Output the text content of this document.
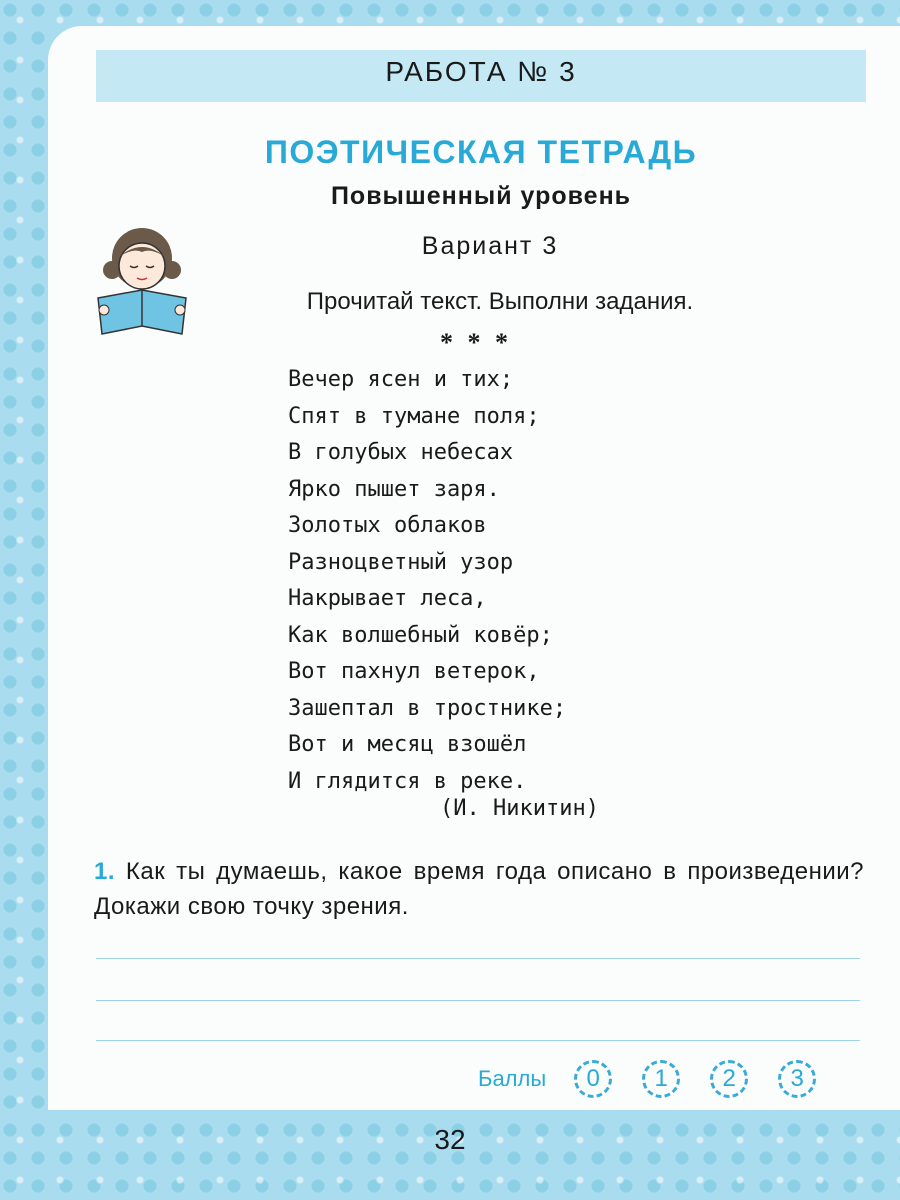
РАБОТА № 3
ПОЭТИЧЕСКАЯ ТЕТРАДЬ
Повышенный уровень
Вариант 3
Прочитай текст. Выполни задания.
* * *
Вечер ясен и тих;
Спят в тумане поля;
В голубых небесах
Ярко пышет заря.
Золотых облаков
Разноцветный узор
Накрывает леса,
Как волшебный ковёр;
Вот пахнул ветерок,
Зашептал в тростнике;
Вот и месяц взошёл
И глядится в реке.
(И. Никитин)
1. Как ты думаешь, какое время года описано в произведении? Докажи свою точку зрения.
Баллы	0	1	2	3
32
